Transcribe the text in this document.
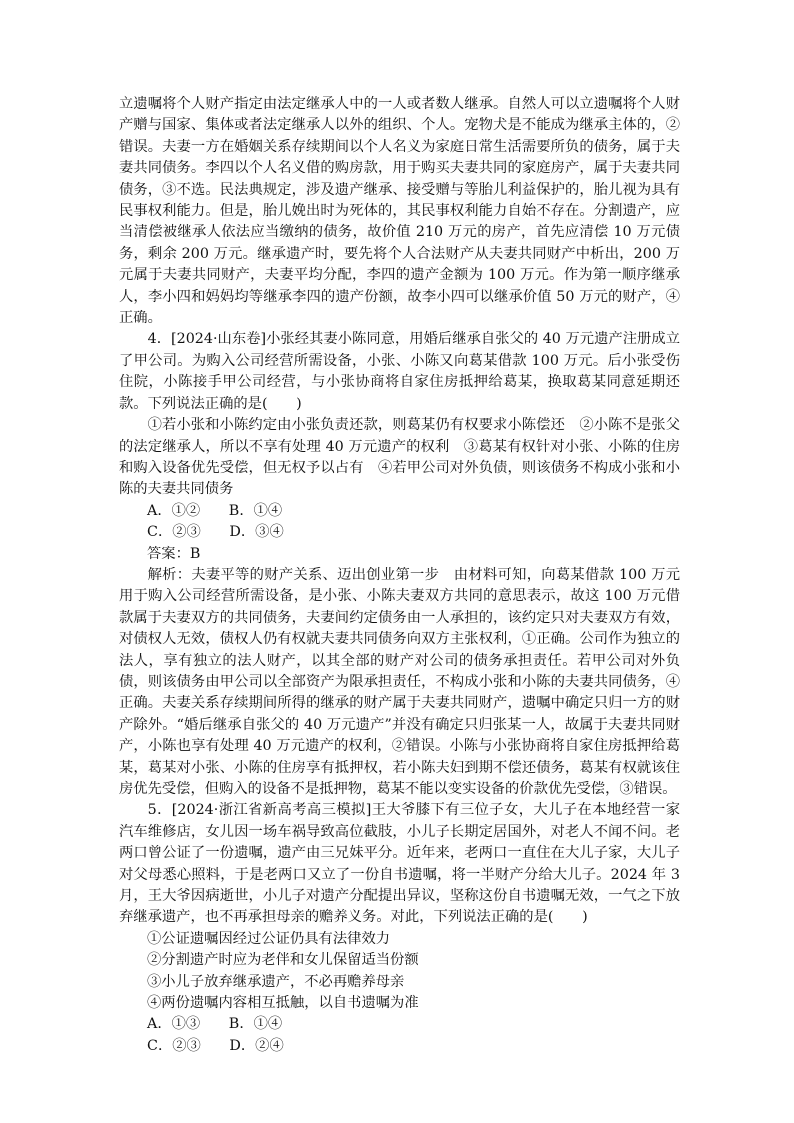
立遗嘱将个人财产指定由法定继承人中的一人或者数人继承。自然人可以立遗嘱将个人财产赠与国家、集体或者法定继承人以外的组织、个人。宠物犬是不能成为继承主体的，②错误。夫妻一方在婚姻关系存续期间以个人名义为家庭日常生活需要所负的债务，属于夫妻共同债务。李四以个人名义借的购房款，用于购买夫妻共同的家庭房产，属于夫妻共同债务，③不选。民法典规定，涉及遗产继承、接受赠与等胎儿利益保护的，胎儿视为具有民事权利能力。但是，胎儿娩出时为死体的，其民事权利能力自始不存在。分割遗产，应当清偿被继承人依法应当缴纳的债务，故价值 210 万元的房产，首先应清偿 10 万元债务，剩余 200 万元。继承遗产时，要先将个人合法财产从夫妻共同财产中析出，200 万元属于夫妻共同财产，夫妻平均分配，李四的遗产金额为 100 万元。作为第一顺序继承人，李小四和妈妈均等继承李四的遗产份额，故李小四可以继承价值 50 万元的财产，④正确。

4．[2024·山东卷]小张经其妻小陈同意，用婚后继承自张父的 40 万元遗产注册成立了甲公司。为购入公司经营所需设备，小张、小陈又向葛某借款 100 万元。后小张受伤住院，小陈接手甲公司经营，与小张协商将自家住房抵押给葛某，换取葛某同意延期还款。下列说法正确的是(　　)

①若小张和小陈约定由小张负责还款，则葛某仍有权要求小陈偿还　②小陈不是张父的法定继承人，所以不享有处理 40 万元遗产的权利　③葛某有权针对小张、小陈的住房和购入设备优先受偿，但无权予以占有　④若甲公司对外负债，则该债务不构成小张和小陈的夫妻共同债务

A．①②　　B．①④

C．②③　　D．③④

答案：B

解析：夫妻平等的财产关系、迈出创业第一步　由材料可知，向葛某借款 100 万元用于购入公司经营所需设备，是小张、小陈夫妻双方共同的意思表示，故这 100 万元借款属于夫妻双方的共同债务，夫妻间约定债务由一人承担的，该约定只对夫妻双方有效，对债权人无效，债权人仍有权就夫妻共同债务向双方主张权利，①正确。公司作为独立的法人，享有独立的法人财产，以其全部的财产对公司的债务承担责任。若甲公司对外负债，则该债务由甲公司以全部资产为限承担责任，不构成小张和小陈的夫妻共同债务，④正确。夫妻关系存续期间所得的继承的财产属于夫妻共同财产，遗嘱中确定只归一方的财产除外。“婚后继承自张父的 40 万元遗产”并没有确定只归张某一人，故属于夫妻共同财产，小陈也享有处理 40 万元遗产的权利，②错误。小陈与小张协商将自家住房抵押给葛某，葛某对小张、小陈的住房享有抵押权，若小陈夫妇到期不偿还债务，葛某有权就该住房优先受偿，但购入的设备不是抵押物，葛某不能以变实设备的价款优先受偿，③错误。

5．[2024·浙江省新高考高三模拟]王大爷膝下有三位子女，大儿子在本地经营一家汽车维修店，女儿因一场车祸导致高位截肢，小儿子长期定居国外，对老人不闻不问。老两口曾公证了一份遗嘱，遗产由三兄妹平分。近年来，老两口一直住在大儿子家，大儿子对父母悉心照料，于是老两口又立了一份自书遗嘱，将一半财产分给大儿子。2024 年 3 月，王大爷因病逝世，小儿子对遗产分配提出异议，坚称这份自书遗嘱无效，一气之下放弃继承遗产，也不再承担母亲的赡养义务。对此，下列说法正确的是(　　)

①公证遗嘱因经过公证仍具有法律效力

②分割遗产时应为老伴和女儿保留适当份额

③小儿子放弃继承遗产，不必再赡养母亲

④两份遗嘱内容相互抵触，以自书遗嘱为准

A．①③　　B．①④

C．②③　　D．②④
